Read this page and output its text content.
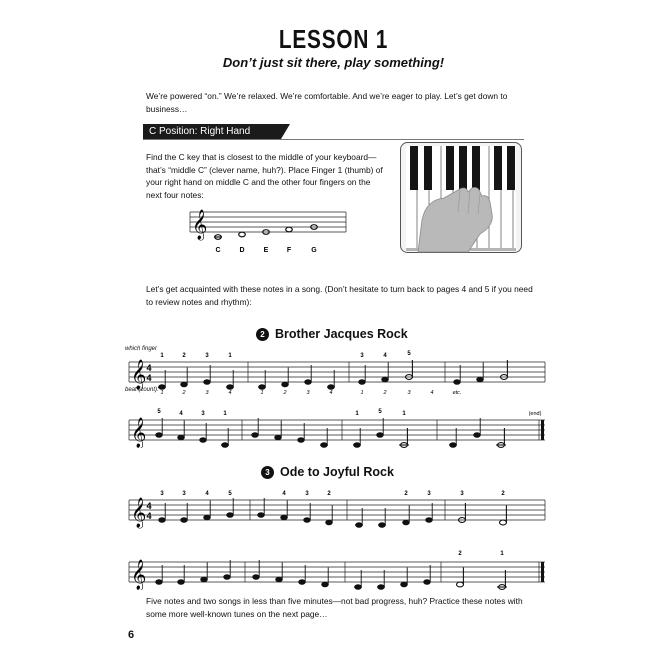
LESSON 1
Don’t just sit there, play something!
We’re powered “on.” We’re relaxed. We’re comfortable. And we’re eager to play. Let’s get down to business…
C Position: Right Hand
Find the C key that is closest to the middle of your keyboard—that’s “middle C” (clever name, huh?). Place Finger 1 (thumb) of your right hand on middle C and the other four fingers on the next four notes:
𝄞
C	D	E	F	G
Let’s get acquainted with these notes in a song. (Don’t hesitate to turn back to pages 4 and 5 if you need to review notes and rhythm):
2 Brother Jacques Rock
which finger
beat (count):
𝄞 4
4
1	2	3	1	3	4	5
1	2	3	4	1	2	3	4	1	2	3	4	etc.
𝄞
5	4	3	1	1	5	1	(end)
3 Ode to Joyful Rock
𝄞 4
4
3	3	4	5	4	3	2	2	3	3	2
𝄞
2	1
Five notes and two songs in less than five minutes—not bad progress, huh? Practice these notes with some more well-known tunes on the next page…
6
